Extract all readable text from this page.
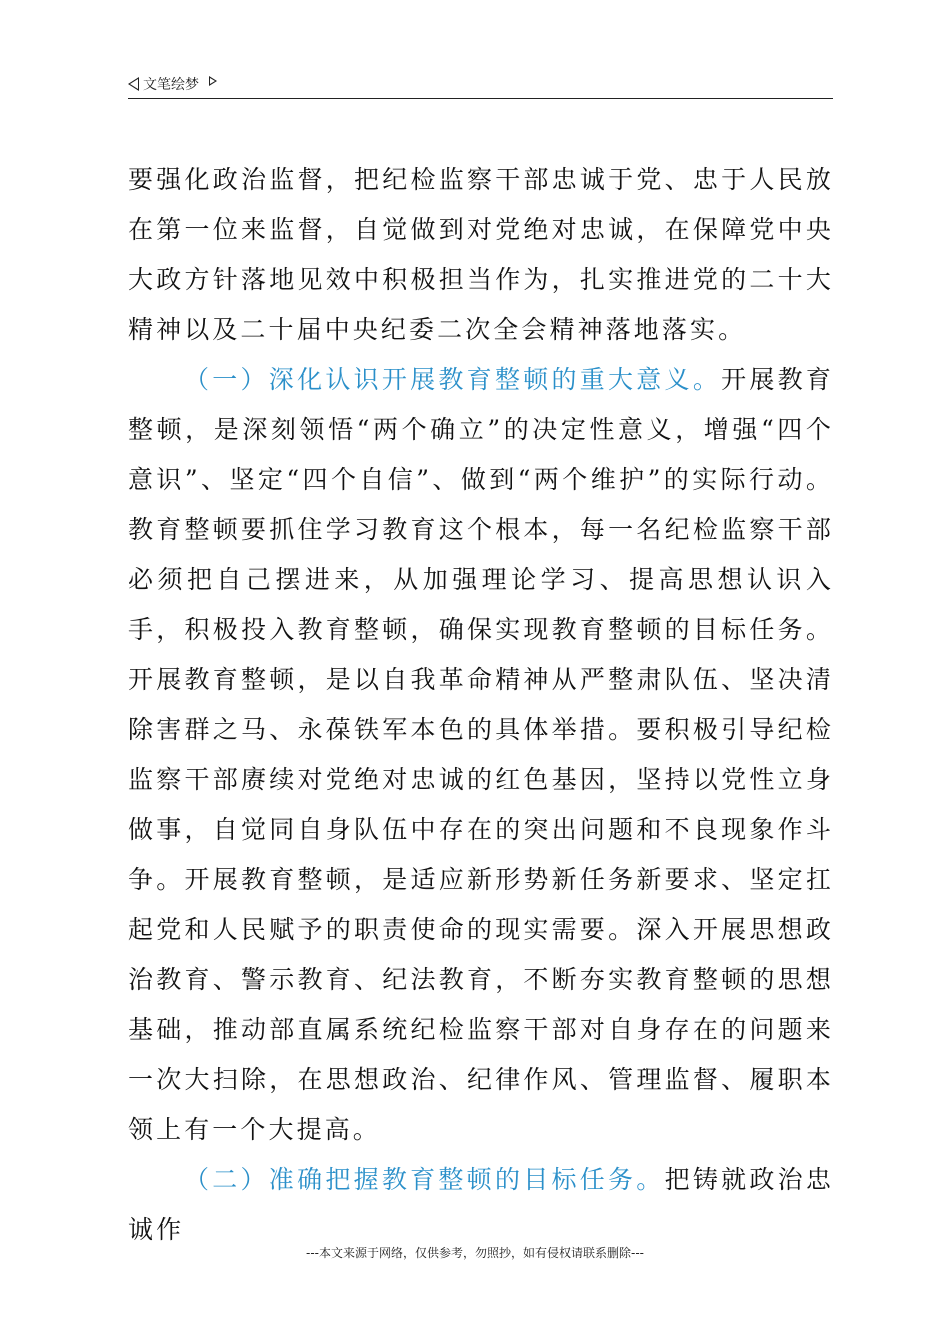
文笔绘梦

要强化政治监督，把纪检监察干部忠诚于党、忠于人民放在第一位来监督，自觉做到对党绝对忠诚，在保障党中央大政方针落地见效中积极担当作为，扎实推进党的二十大精神以及二十届中央纪委二次全会精神落地落实。

（一）深化认识开展教育整顿的重大意义。开展教育整顿，是深刻领悟“两个确立”的决定性意义，增强“四个意识”、坚定“四个自信”、做到“两个维护”的实际行动。教育整顿要抓住学习教育这个根本，每一名纪检监察干部必须把自己摆进来，从加强理论学习、提高思想认识入手，积极投入教育整顿，确保实现教育整顿的目标任务。开展教育整顿，是以自我革命精神从严整肃队伍、坚决清除害群之马、永葆铁军本色的具体举措。要积极引导纪检监察干部赓续对党绝对忠诚的红色基因，坚持以党性立身做事，自觉同自身队伍中存在的突出问题和不良现象作斗争。开展教育整顿，是适应新形势新任务新要求、坚定扛起党和人民赋予的职责使命的现实需要。深入开展思想政治教育、警示教育、纪法教育，不断夯实教育整顿的思想基础，推动部直属系统纪检监察干部对自身存在的问题来一次大扫除，在思想政治、纪律作风、管理监督、履职本领上有一个大提高。

（二）准确把握教育整顿的目标任务。把铸就政治忠诚作

---本文来源于网络，仅供参考，勿照抄，如有侵权请联系删除---
